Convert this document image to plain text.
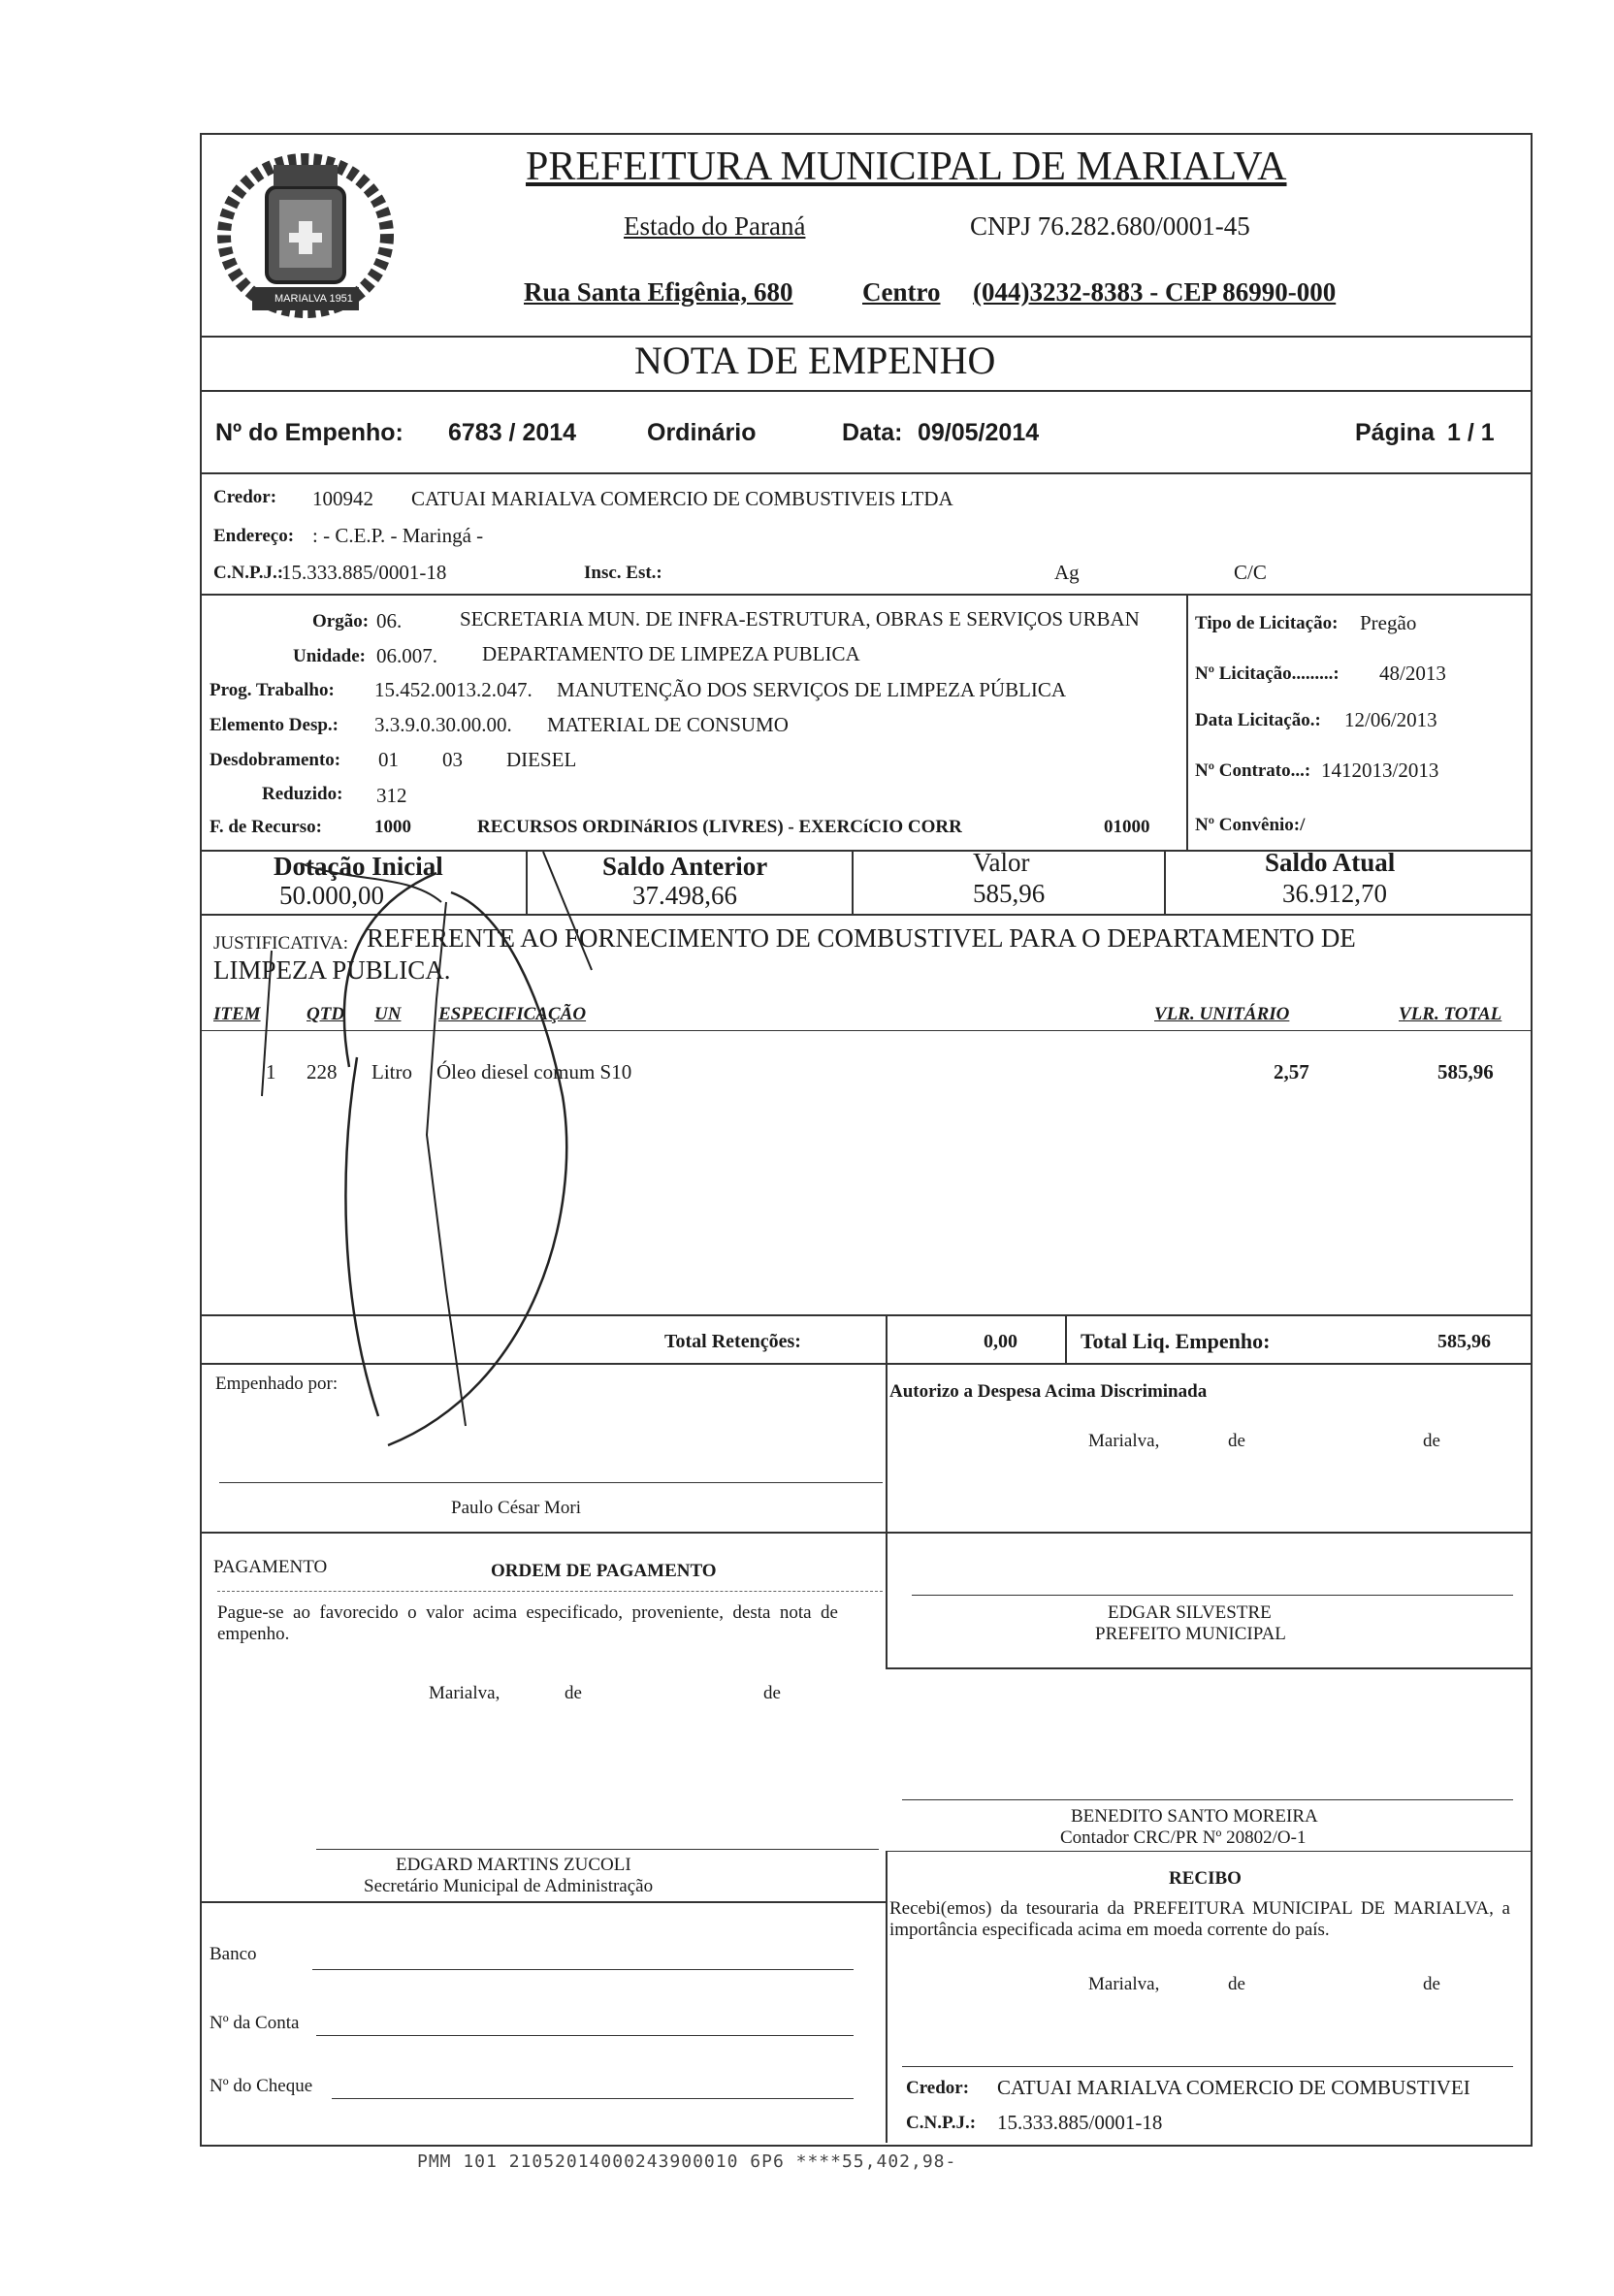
MARIALVA 1951
PREFEITURA MUNICIPAL DE MARIALVA
Estado do Paraná	CNPJ 76.282.680/0001-45
Rua Santa Efigênia, 680	Centro (044)3232-8383 - CEP 86990-000
NOTA DE EMPENHO
Nº do Empenho: 6783 / 2014	Ordinário	Data: 09/05/2014	Página 1 / 1
Credor: 100942 CATUAI MARIALVA COMERCIO DE COMBUSTIVEIS LTDA
Endereço: : - C.E.P. - Maringá -
C.N.P.J.:
15.333.885/0001-18	Insc. Est.:	Ag	C/C
Orgão: 06.	SECRETARIA MUN. DE INFRA-ESTRUTURA, OBRAS E SERVIÇOS URBAN
Unidade: 06.007. DEPARTAMENTO DE LIMPEZA PUBLICA
Prog. Trabalho: 15.452.0013.2.047. MANUTENÇÃO DOS SERVIÇOS DE LIMPEZA PÚBLICA
Elemento Desp.: 3.3.9.0.30.00.00. MATERIAL DE CONSUMO
Desdobramento: 01 03 DIESEL
Reduzido: 312
F. de Recurso:	1000	RECURSOS ORDINáRIOS (LIVRES) - EXERCíCIO CORR	01000
Tipo de Licitação: Pregão
Nº Licitação.........: 48/2013
Data Licitação.: 12/06/2013
Nº Contrato...: 1412013/2013
Nº Convênio:/
Dotação Inicial
50.000,00
Saldo Anterior
37.498,66
Valor
585,96
Saldo Atual
36.912,70
JUSTIFICATIVA: REFERENTE AO FORNECIMENTO DE COMBUSTIVEL PARA O DEPARTAMENTO DE
LIMPEZA PUBLICA.
ITEM QTD UN ESPECIFICAÇÃO	VLR. UNITÁRIO	VLR. TOTAL
1 228 Litro Óleo diesel comum S10	2,57	585,96
Total Retenções:	0,00	Total Liq. Empenho:	585,96
Empenhado por:
Paulo César Mori
Autorizo a Despesa Acima Discriminada
Marialva,	de	de
PAGAMENTO	ORDEM DE PAGAMENTO
Pague-se ao favorecido o valor acima especificado, proveniente, desta nota de empenho.
EDGAR SILVESTRE
PREFEITO MUNICIPAL
Marialva,	de	de
BENEDITO SANTO MOREIRA
Contador CRC/PR Nº 20802/O-1
EDGARD MARTINS ZUCOLI
Secretário Municipal de Administração	RECIBO
Recebi(emos) da tesouraria da PREFEITURA MUNICIPAL DE MARIALVA, a importância especificada acima em moeda corrente do país.
Marialva,	de	de
Banco
Nº da Conta
Nº do Cheque	Credor: CATUAI MARIALVA COMERCIO DE COMBUSTIVEI
C.N.P.J.: 15.333.885/0001-18
PMM 101 21052014000243900010 6P6 ****55,402,98-
